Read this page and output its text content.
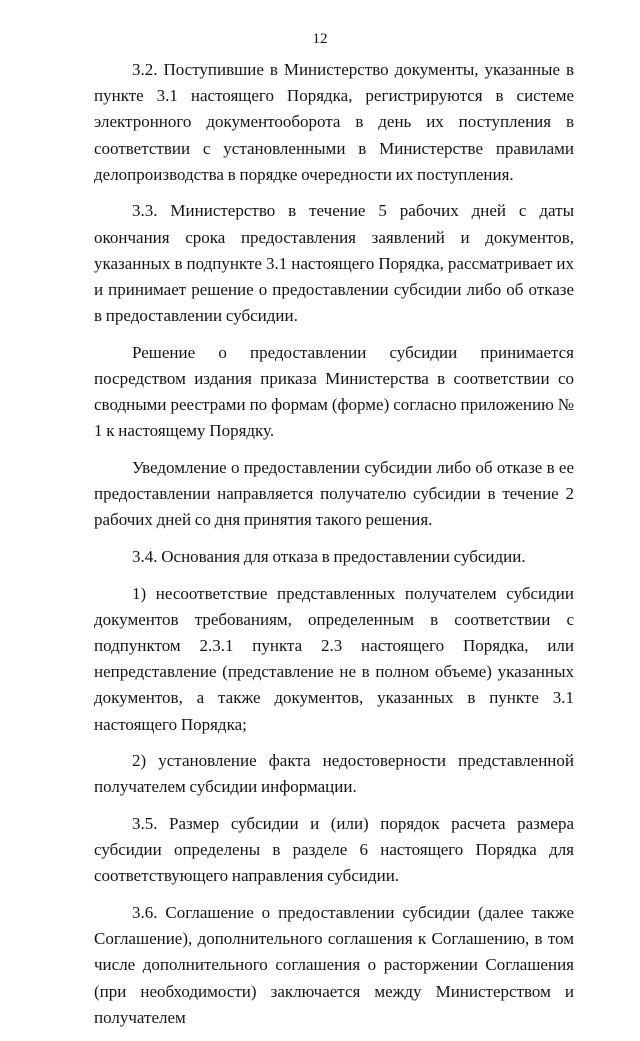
12

3.2. Поступившие в Министерство документы, указанные в пункте 3.1 настоящего Порядка, регистрируются в системе электронного документооборота в день их поступления в соответствии с установленными в Министерстве правилами делопроизводства в порядке очередности их поступления.

3.3. Министерство в течение 5 рабочих дней с даты окончания срока предоставления заявлений и документов, указанных в подпункте 3.1 настоящего Порядка, рассматривает их и принимает решение о предоставлении субсидии либо об отказе в предоставлении субсидии.

Решение о предоставлении субсидии принимается посредством издания приказа Министерства в соответствии со сводными реестрами по формам (форме) согласно приложению № 1 к настоящему Порядку.

Уведомление о предоставлении субсидии либо об отказе в ее предоставлении направляется получателю субсидии в течение 2 рабочих дней со дня принятия такого решения.

3.4. Основания для отказа в предоставлении субсидии.

1) несоответствие представленных получателем субсидии документов требованиям, определенным в соответствии с подпунктом 2.3.1 пункта 2.3 настоящего Порядка, или непредставление (представление не в полном объеме) указанных документов, а также документов, указанных в пункте 3.1 настоящего Порядка;

2) установление факта недостоверности представленной получателем субсидии информации.

3.5. Размер субсидии и (или) порядок расчета размера субсидии определены в разделе 6 настоящего Порядка для соответствующего направления субсидии.

3.6. Соглашение о предоставлении субсидии (далее также Соглашение), дополнительного соглашения к Соглашению, в том числе дополнительного соглашения о расторжении Соглашения (при необходимости) заключается между Министерством и получателем
